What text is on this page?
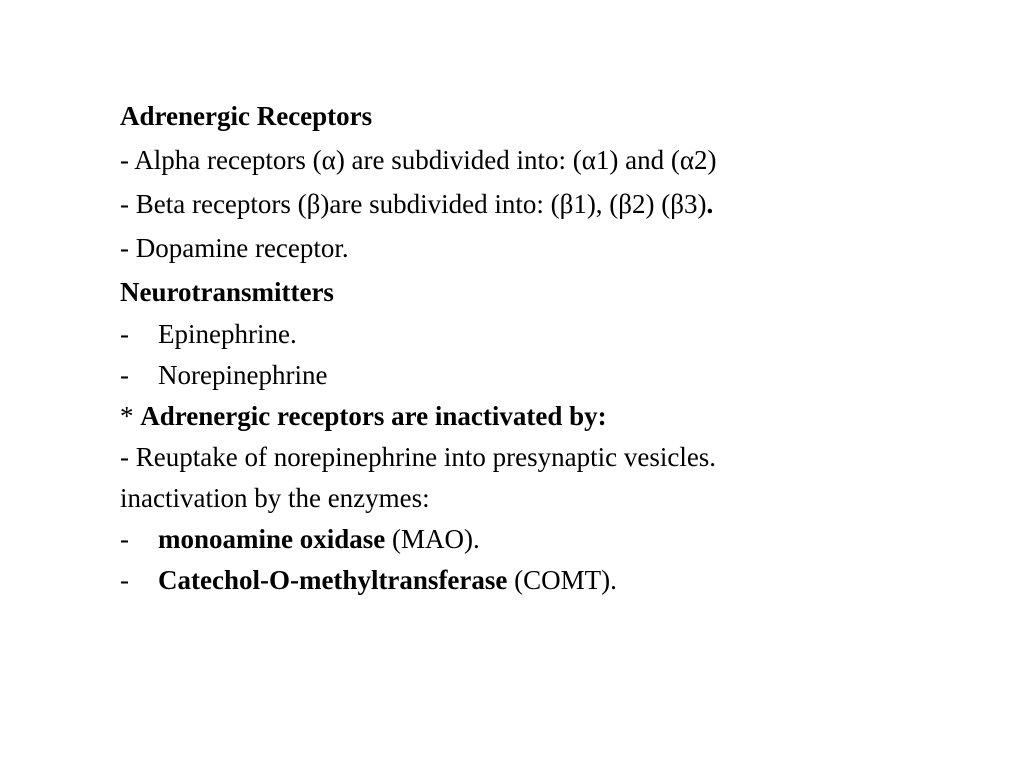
Adrenergic Receptors
- Alpha receptors (α) are subdivided into: (α1) and (α2)
- Beta receptors (β)are subdivided into: (β1), (β2) (β3).
- Dopamine receptor.
Neurotransmitters
- Epinephrine.
- Norepinephrine
* Adrenergic receptors are inactivated by:
- Reuptake of norepinephrine into presynaptic vesicles.
inactivation by the enzymes:
- monoamine oxidase (MAO).
- Catechol-O-methyltransferase (COMT).
